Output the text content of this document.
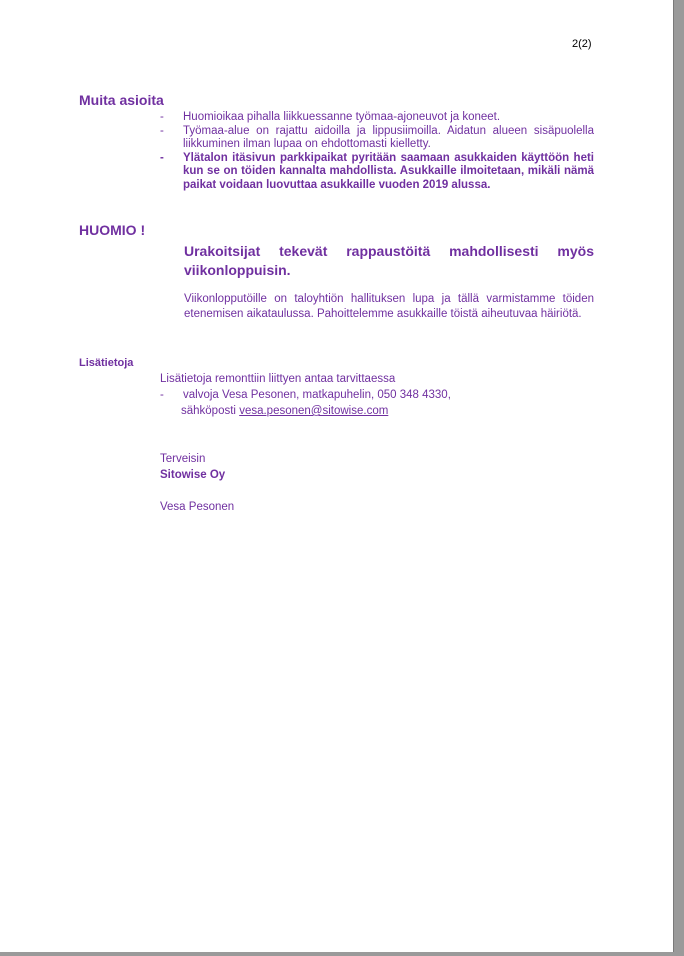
2(2)
Muita asioita
- Huomioikaa pihalla liikkuessanne työmaa-ajoneuvot ja koneet.
- Työmaa-alue on rajattu aidoilla ja lippusiimoilla. Aidatun alueen sisäpuolella liikkuminen ilman lupaa on ehdottomasti kielletty.
- Ylätalon itäsivun parkkipaikat pyritään saamaan asukkaiden käyttöön heti kun se on töiden kannalta mahdollista. Asukkaille ilmoitetaan, mikäli nämä paikat voidaan luovuttaa asukkaille vuoden 2019 alussa.
HUOMIO !
Urakoitsijat tekevät rappaustöitä mahdollisesti myös viikonloppuisin.
Viikonlopputöille on taloyhtiön hallituksen lupa ja tällä varmistamme töiden etenemisen aikataulussa. Pahoittelemme asukkaille töistä aiheutuvaa häiriötä.
Lisätietoja
Lisätietoja remonttiin liittyen antaa tarvittaessa
- valvoja Vesa Pesonen, matkapuhelin, 050 348 4330,
sähköposti vesa.pesonen@sitowise.com
Terveisin
Sitowise Oy
Vesa Pesonen
